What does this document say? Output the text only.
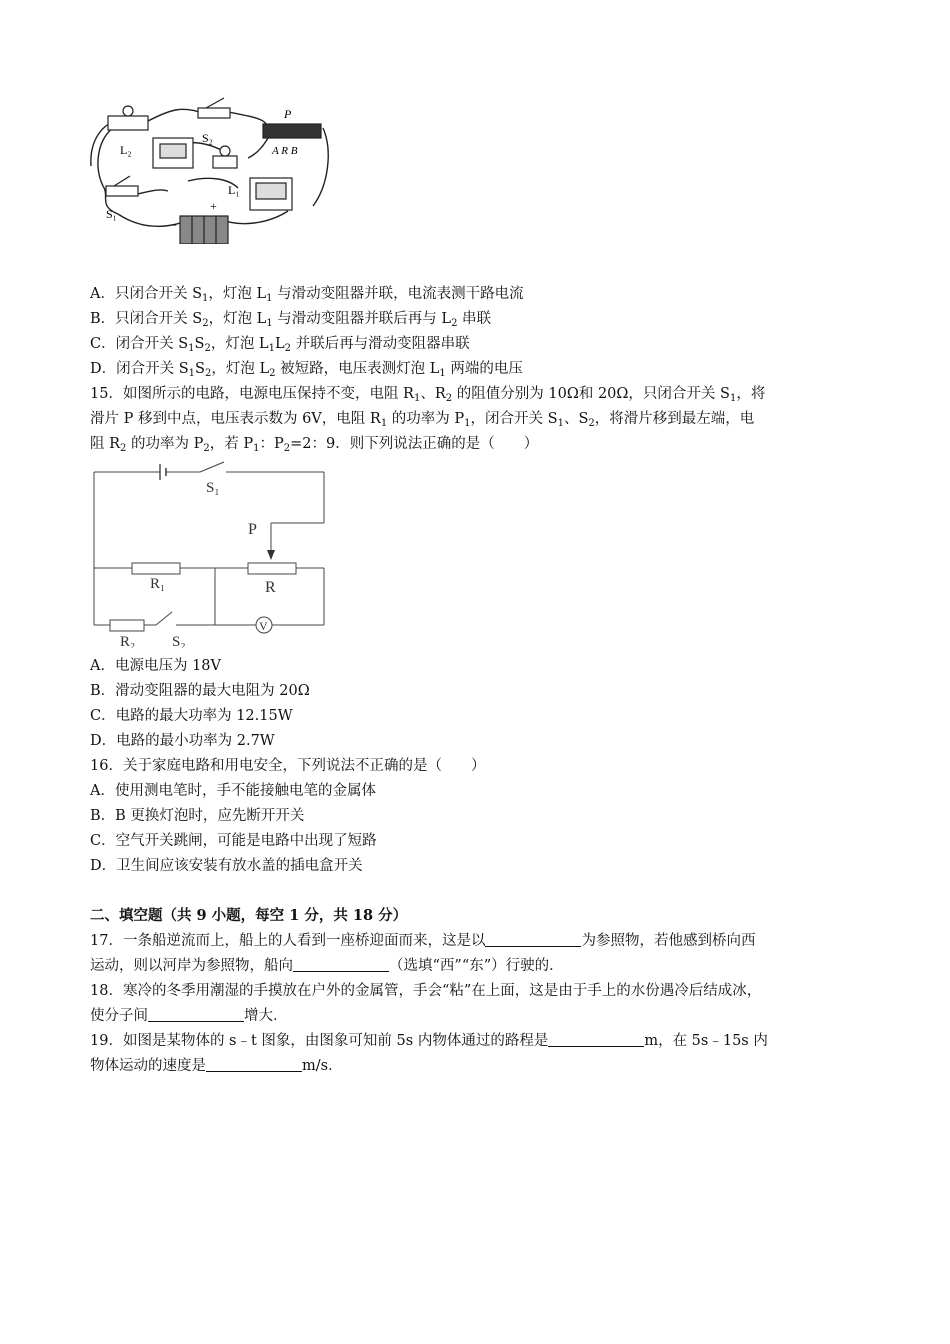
L₂
S₂
P
A R B
L₁
S₁
+
-
A．只闭合开关 $S_1$，灯泡 $L_1$ 与滑动变阻器并联，电流表测干路电流
B．只闭合开关 $S_2$，灯泡 $L_1$ 与滑动变阻器并联后再与 $L_2$ 串联
C．闭合开关 $S_1S_2$，灯泡 $L_1L_2$ 并联后再与滑动变阻器串联
D．闭合开关 $S_1S_2$，灯泡 $L_2$ 被短路，电压表测灯泡 $L_1$ 两端的电压
15．如图所示的电路，电源电压保持不变，电阻 $R_1$、$R_2$ 的阻值分别为 10Ω和 20Ω，只闭合开关 $S_1$，将
滑片 P 移到中点，电压表示数为 6V，电阻 $R_1$ 的功率为 $P_1$，闭合开关 $S_1$、$S_2$，将滑片移到最左端，电
阻 $R_2$ 的功率为 $P_2$，若 $P_1$：$P_2=2$：9．则下列说法正确的是（　　）
S₁
P
R₁	R
R₂ S₂
V
A．电源电压为 18V
B．滑动变阻器的最大电阻为 20Ω
C．电路的最大功率为 12.15W
D．电路的最小功率为 2.7W
16．关于家庭电路和用电安全，下列说法不正确的是（　　）
A．使用测电笔时，手不能接触电笔的金属体
B．B 更换灯泡时，应先断开开关
C．空气开关跳闸，可能是电路中出现了短路
D．卫生间应该安装有放水盖的插电盒开关
二、填空题（共 9 小题，每空 1 分，共 18 分）
17．一条船逆流而上，船上的人看到一座桥迎面而来，这是以	为参照物，若他感到桥向西
运动，则以河岸为参照物，船向	（选填“西”“东”）行驶的．
18．寒冷的冬季用潮湿的手摸放在户外的金属管，手会“粘”在上面，这是由于手上的水份遇冷后结成冰，
使分子间	增大．
19．如图是某物体的 s﹣t 图象，由图象可知前 5s 内物体通过的路程是	m，在 5s﹣15s 内
物体运动的速度是	m/s．
